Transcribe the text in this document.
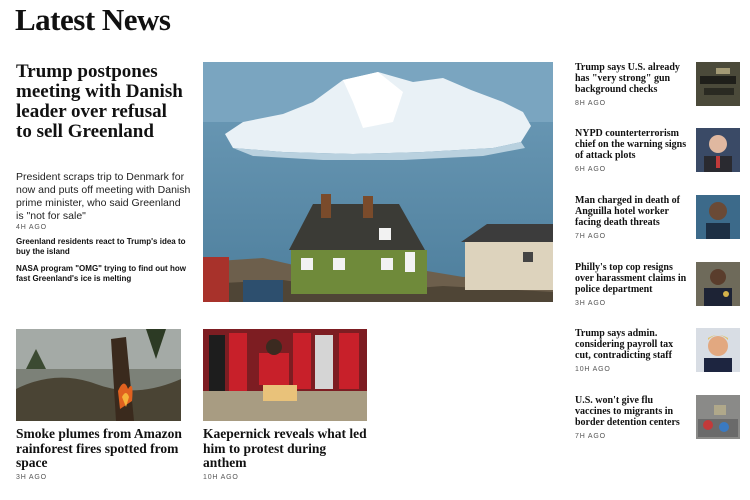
Latest News
Trump postpones meeting with Danish leader over refusal to sell Greenland
President scraps trip to Denmark for now and puts off meeting with Danish prime minister, who said Greenland is "not for sale"
4H AGO
Greenland residents react to Trump's idea to buy the island
NASA program "OMG" trying to find out how fast Greenland's ice is melting
Smoke plumes from Amazon rainforest fires spotted from space
3H AGO
Kaepernick reveals what led him to protest during anthem
10H AGO
Trump says U.S. already has "very strong" gun background checks
8H AGO
NYPD counterterrorism chief on the warning signs of attack plots
6H AGO
Man charged in death of Anguilla hotel worker facing death threats
7H AGO
Philly's top cop resigns over harassment claims in police department
3H AGO
Trump says admin. considering payroll tax cut, contradicting staff
10H AGO
U.S. won't give flu vaccines to migrants in border detention centers
7H AGO
